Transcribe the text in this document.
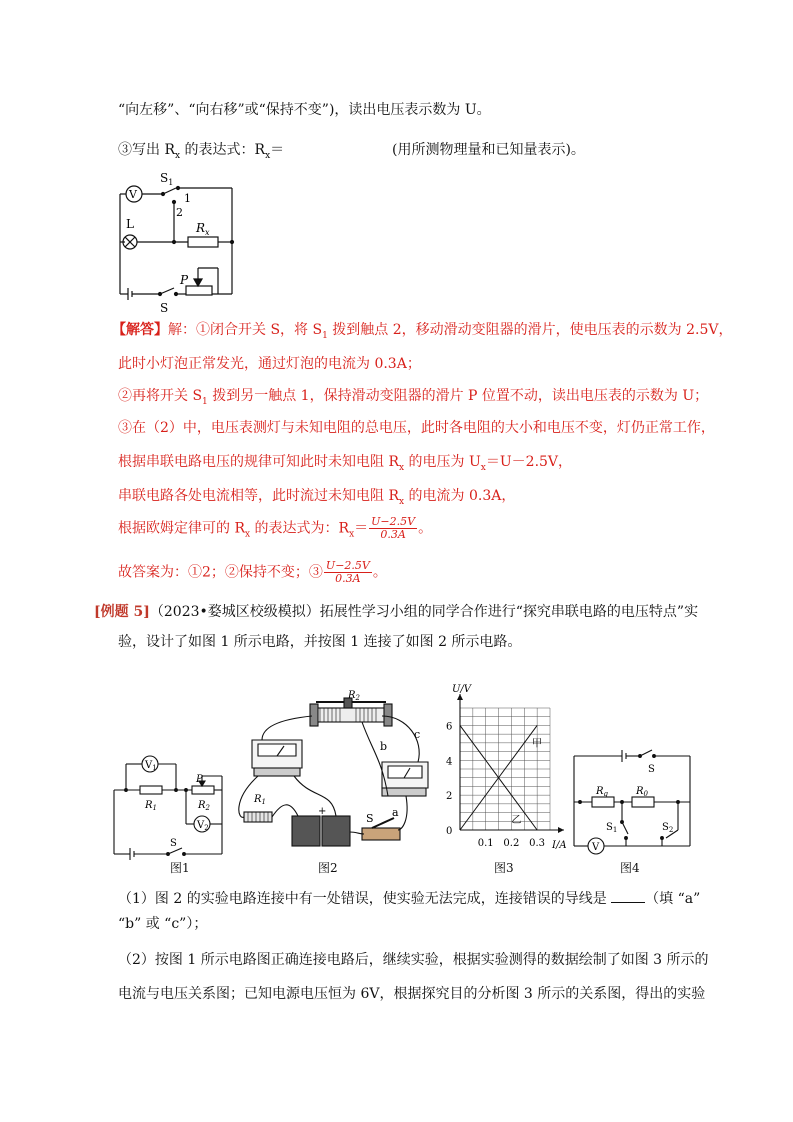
“向左移”、“向右移”或“保持不变”)，读出电压表示数为 U。
③写出 $R_x$ 的表达式：$R_x=$	(用所测物理量和已知量表示)。
V
$S_1$
1
2
L	$R_x$
P
S
【解答】解：①闭合开关 S，将 $S_1$ 拨到触点 2，移动滑动变阻器的滑片，使电压表的示数为 2.5V，
此时小灯泡正常发光，通过灯泡的电流为 0.3A；
②再将开关 $S_1$ 拨到另一触点 1，保持滑动变阻器的滑片 P 位置不动，读出电压表的示数为 U；
③在（2）中，电压表测灯与未知电阻的总电压，此时各电阻的大小和电压不变，灯仍正常工作，
根据串联电路电压的规律可知此时未知电阻 $R_x$ 的电压为 $U_x=U-2.5V$，
串联电路各处电流相等，此时流过未知电阻 $R_x$ 的电流为 0.3A，
根据欧姆定律可的 $R_x$ 的表达式为：$R_x= \frac{U-2.5V}{0.3A}$ 。
故答案为：①2；②保持不变；③ $\frac{U-2.5V}{0.3A}$ 。
[例题 5]（2023•婺城区校级模拟）拓展性学习小组的同学合作进行“探究串联电路的电压特点”实
验，设计了如图 1 所示电路，并按图 1 连接了如图 2 所示电路。
$V_1$
$R_1$
P
$R_2$
$V_2$
S
图1
$R_2$
$R_1$
b
c
a
S
+
图2
U/V
I/A
0
2
4
6
0.1 0.2 0.3
甲
乙
图3
S
$R_g$	$R_0$
$S_1$	$S_2$
V
图4
（1）图 2 的实验电路连接中有一处错误，使实验无法完成，连接错误的导线是	（填 “a”
“b” 或 “c”）；
（2）按图 1 所示电路图正确连接电路后，继续实验，根据实验测得的数据绘制了如图 3 所示的
电流与电压关系图；已知电源电压恒为 6V，根据探究目的分析图 3 所示的关系图，得出的实验
